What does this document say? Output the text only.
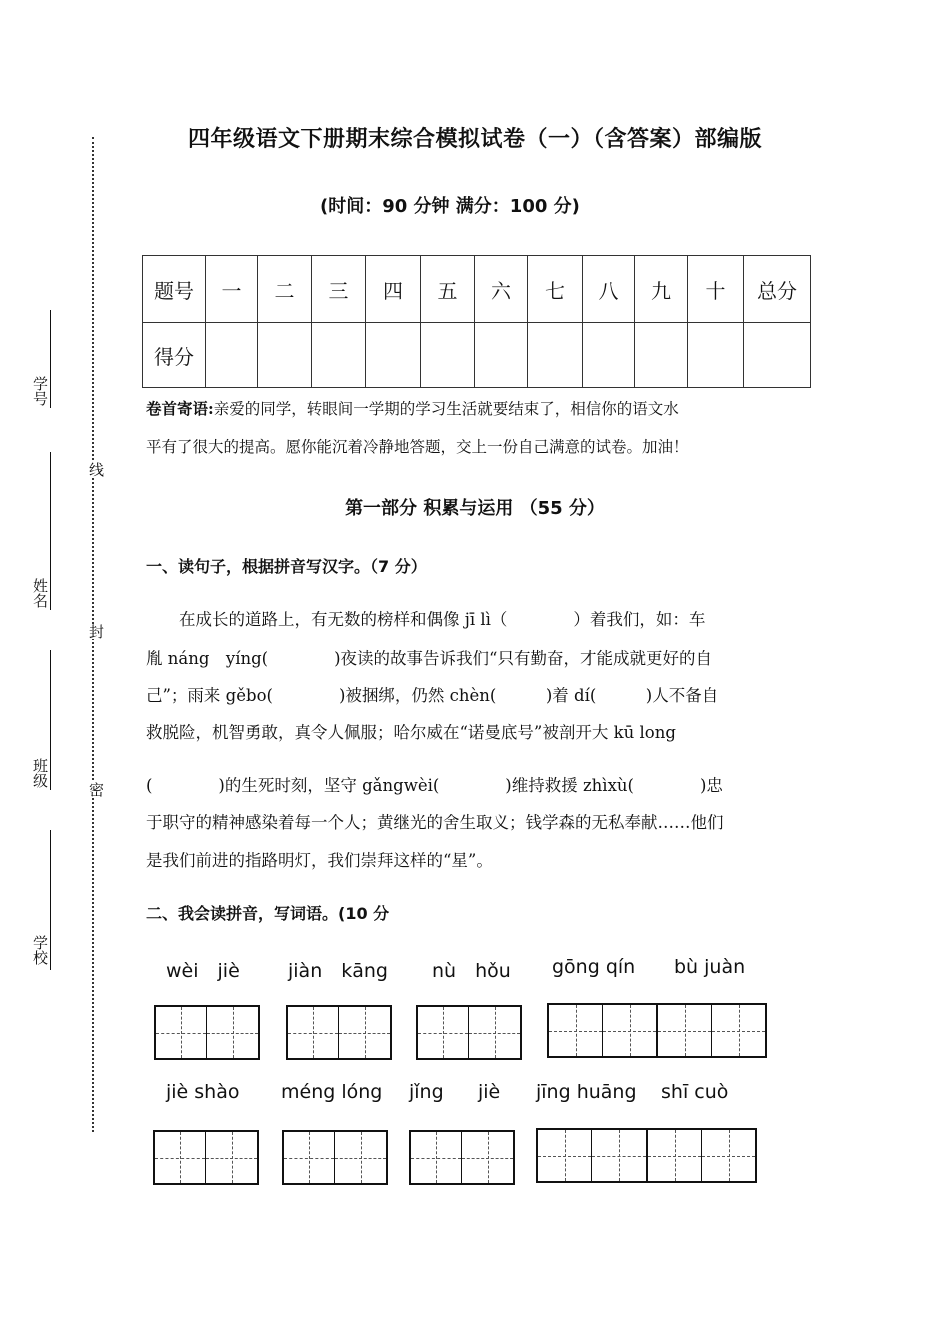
学号
姓名
班级
学校
线
封
密
四年级语文下册期末综合模拟试卷（一）（含答案）部编版
(时间：90 分钟 满分：100 分)
题号	一	二	三	四	五	六	七	八	九	十	总分
得分											
卷首寄语:亲爱的同学，转眼间一学期的学习生活就要结束了，相信你的语文水
平有了很大的提高。愿你能沉着冷静地答题，交上一份自己满意的试卷。加油！
第一部分 积累与运用 （55 分）
一、读句子，根据拼音写汉字。（7 分）
　　在成长的道路上，有无数的榜样和偶像 jī lì（　　　　）着我们，如：车
胤 náng　yíng(　　　　)夜读的故事告诉我们“只有勤奋，才能成就更好的自
己”；雨来 gěbo(　　　　)被捆绑，仍然 chèn(　　　)着 dí(　　　)人不备自
救脱险，机智勇敢，真令人佩服；哈尔威在“诺曼底号”被剖开大 kū long
(　　　　)的生死时刻，坚守 gǎngwèi(　　　　)维持救援 zhìxù(　　　　)忠
于职守的精神感染着每一个人；黄继光的舍生取义；钱学森的无私奉献……他们
是我们前进的指路明灯，我们崇拜这样的“星”。
二、我会读拼音，写词语。(10 分
wèi　jiè	jiàn　kāng nù　hǒu gōng qín bù juàn
jiè shào méng lóng jǐng jiè jīng huāng shī cuò
